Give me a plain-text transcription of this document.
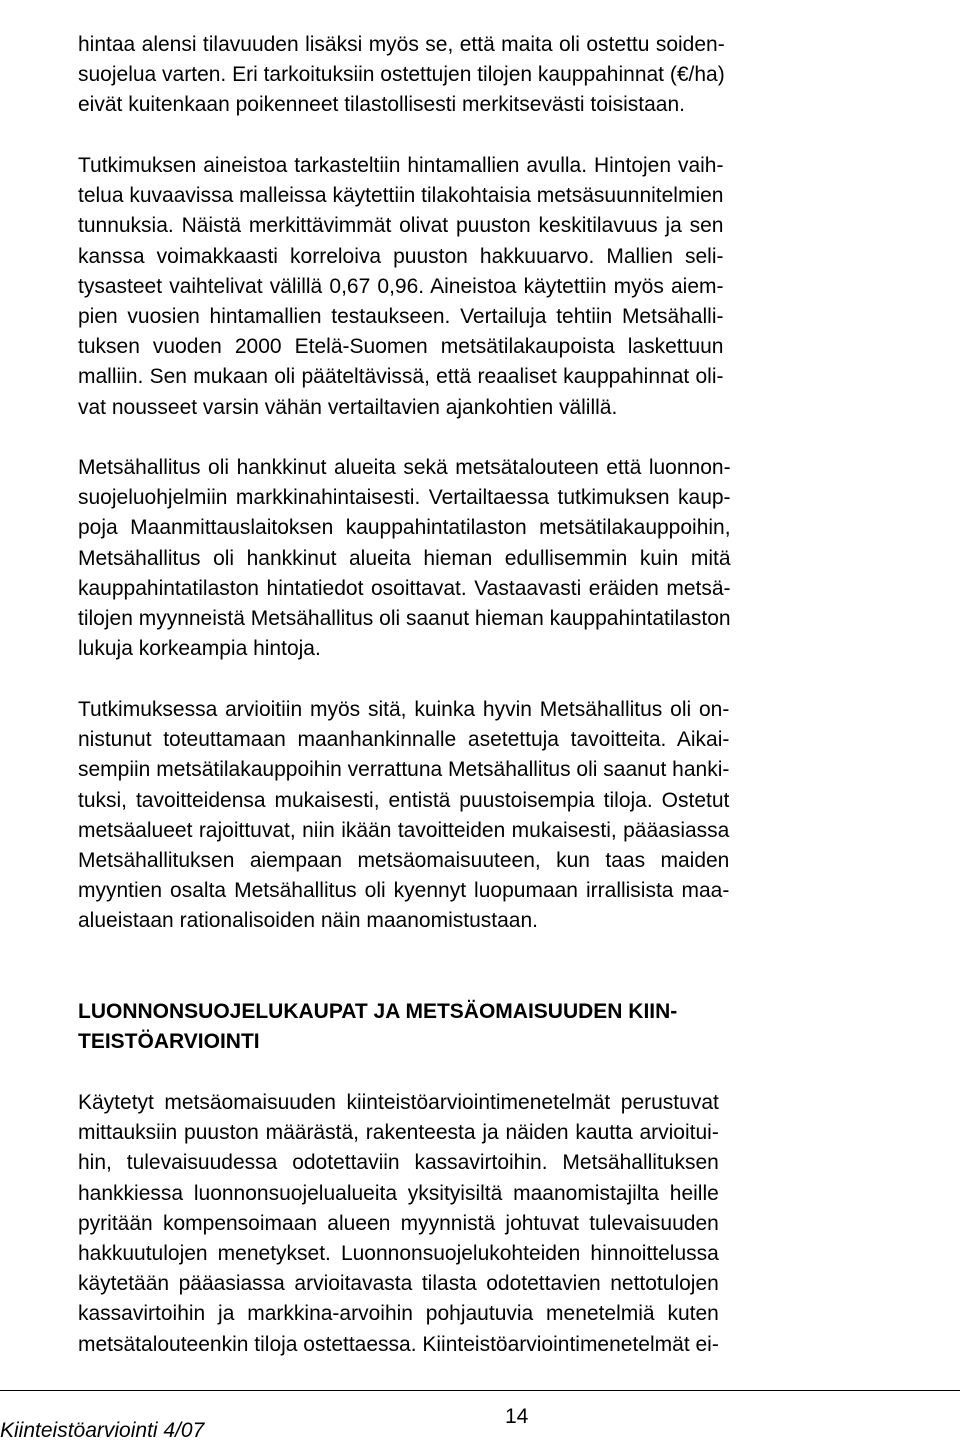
hintaa alensi tilavuuden lisäksi myös se, että maita oli ostettu soiden-
suojelua varten. Eri tarkoituksiin ostettujen tilojen kauppahinnat (€/ha)
eivät kuitenkaan poikenneet tilastollisesti merkitsevästi toisistaan.

Tutkimuksen aineistoa tarkasteltiin hintamallien avulla. Hintojen vaih-
telua kuvaavissa malleissa käytettiin tilakohtaisia metsäsuunnitelmien
tunnuksia. Näistä merkittävimmät olivat puuston keskitilavuus ja sen
kanssa voimakkaasti korreloiva puuston hakkuuarvo. Mallien seli-
tysasteet vaihtelivat välillä 0,67 0,96. Aineistoa käytettiin myös aiem-
pien vuosien hintamallien testaukseen. Vertailuja tehtiin Metsähalli-
tuksen vuoden 2000 Etelä-Suomen metsätilakaupoista laskettuun
malliin. Sen mukaan oli pääteltävissä, että reaaliset kauppahinnat oli-
vat nousseet varsin vähän vertailtavien ajankohtien välillä.

Metsähallitus oli hankkinut alueita sekä metsätalouteen että luonnon-
suojeluohjelmiin markkinahintaisesti. Vertailtaessa tutkimuksen kaup-
poja Maanmittauslaitoksen kauppahintatilaston metsätilakauppoihin,
Metsähallitus oli hankkinut alueita hieman edullisemmin kuin mitä
kauppahintatilaston hintatiedot osoittavat. Vastaavasti eräiden metsä-
tilojen myynneistä Metsähallitus oli saanut hieman kauppahintatilaston
lukuja korkeampia hintoja.

Tutkimuksessa arvioitiin myös sitä, kuinka hyvin Metsähallitus oli on-
nistunut toteuttamaan maanhankinnalle asetettuja tavoitteita. Aikai-
sempiin metsätilakauppoihin verrattuna Metsähallitus oli saanut hanki-
tuksi, tavoitteidensa mukaisesti, entistä puustoisempia tiloja. Ostetut
metsäalueet rajoittuvat, niin ikään tavoitteiden mukaisesti, pääasiassa
Metsähallituksen aiempaan metsäomaisuuteen, kun taas maiden
myyntien osalta Metsähallitus oli kyennyt luopumaan irrallisista maa-
alueistaan rationalisoiden näin maanomistustaan.

LUONNONSUOJELUKAUPAT JA METSÄOMAISUUDEN KIIN-
TEISTÖARVIOINTI

Käytetyt metsäomaisuuden kiinteistöarviointimenetelmät perustuvat
mittauksiin puuston määrästä, rakenteesta ja näiden kautta arvioitui-
hin, tulevaisuudessa odotettaviin kassavirtoihin. Metsähallituksen
hankkiessa luonnonsuojelualueita yksityisiltä maanomistajilta heille
pyritään kompensoimaan alueen myynnistä johtuvat tulevaisuuden
hakkuutulojen menetykset. Luonnonsuojelukohteiden hinnoittelussa
käytetään pääasiassa arvioitavasta tilasta odotettavien nettotulojen
kassavirtoihin ja markkina-arvoihin pohjautuvia menetelmiä kuten
metsätalouteenkin tiloja ostettaessa. Kiinteistöarviointimenetelmät ei-

14
Kiinteistöarviointi 4/07
